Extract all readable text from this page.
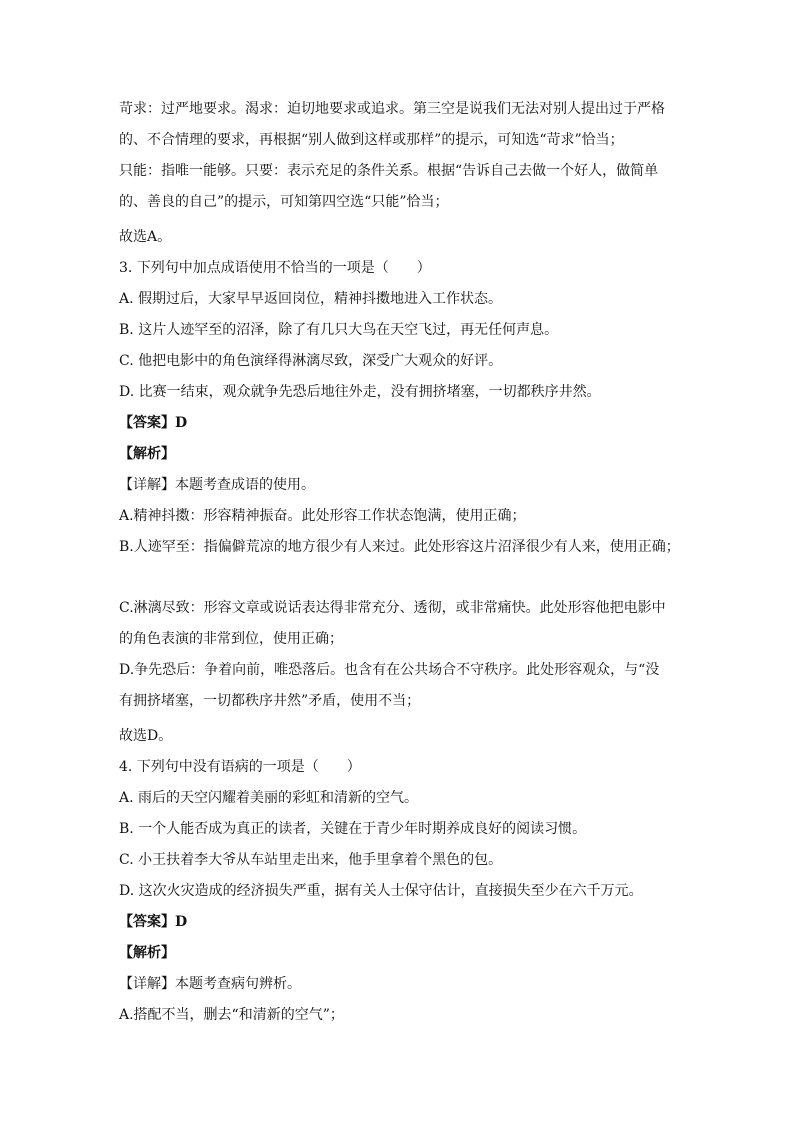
苛求：过严地要求。渴求：迫切地要求或追求。第三空是说我们无法对别人提出过于严格
的、不合情理的要求，再根据“别人做到这样或那样”的提示，可知选“苛求”恰当；
只能：指唯一能够。只要：表示充足的条件关系。根据“告诉自己去做一个好人，做简单
的、善良的自己”的提示，可知第四空选“只能”恰当；
故选A。
3. 下列句中加点成语使用不恰当的一项是（　　）
A. 假期过后，大家早早返回岗位，精神抖擞地进入工作状态。
B. 这片人迹罕至的沼泽，除了有几只大鸟在天空飞过，再无任何声息。
C. 他把电影中的角色演绎得淋漓尽致，深受广大观众的好评。
D. 比赛一结束，观众就争先恐后地往外走，没有拥挤堵塞，一切都秩序井然。
【答案】D
【解析】
【详解】本题考查成语的使用。
A.精神抖擞：形容精神振奋。此处形容工作状态饱满，使用正确；
B.人迹罕至：指偏僻荒凉的地方很少有人来过。此处形容这片沼泽很少有人来，使用正确；
C.淋漓尽致：形容文章或说话表达得非常充分、透彻，或非常痛快。此处形容他把电影中
的角色表演的非常到位，使用正确；
D.争先恐后：争着向前，唯恐落后。也含有在公共场合不守秩序。此处形容观众，与“没
有拥挤堵塞，一切都秩序井然”矛盾，使用不当；
故选D。
4. 下列句中没有语病的一项是（　　）
A. 雨后的天空闪耀着美丽的彩虹和清新的空气。
B. 一个人能否成为真正的读者，关键在于青少年时期养成良好的阅读习惯。
C. 小王扶着李大爷从车站里走出来，他手里拿着个黑色的包。
D. 这次火灾造成的经济损失严重，据有关人士保守估计，直接损失至少在六千万元。
【答案】D
【解析】
【详解】本题考查病句辨析。
A.搭配不当，删去“和清新的空气”；
